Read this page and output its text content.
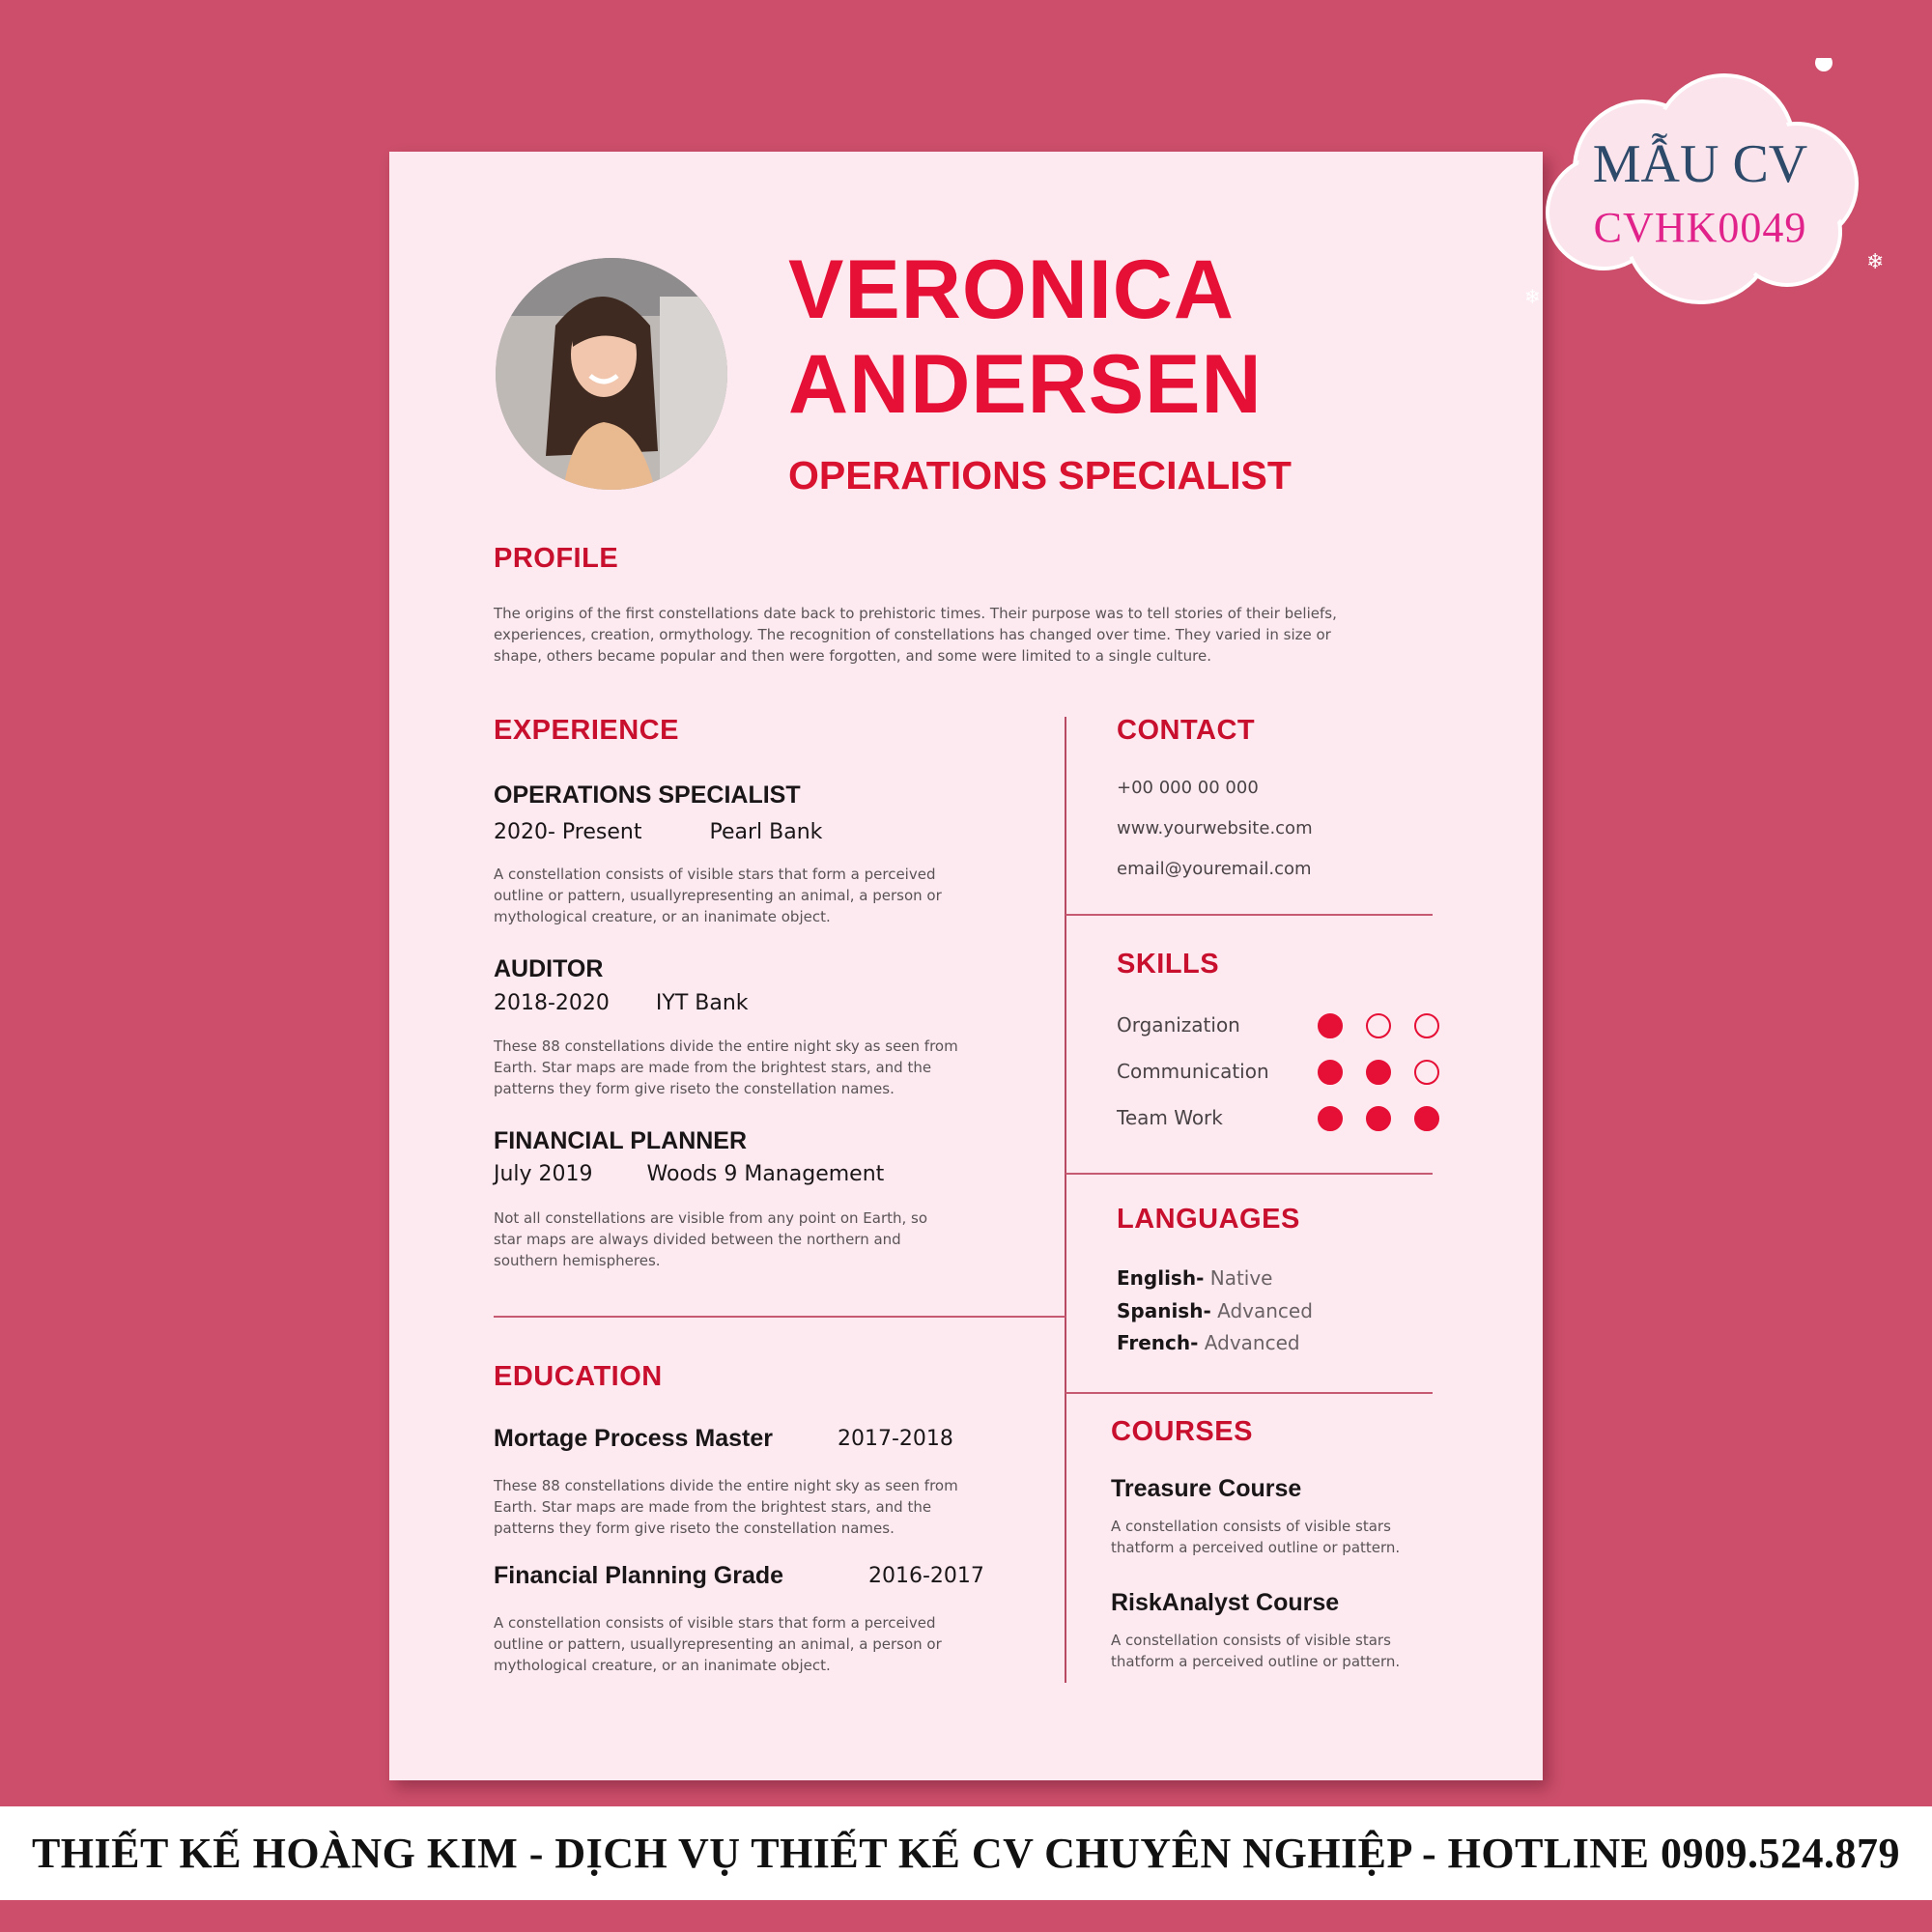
VERONICA
ANDERSEN
OPERATIONS SPECIALIST
PROFILE
The origins of the first constellations date back to prehistoric times. Their purpose was to tell stories of their beliefs,
experiences, creation, ormythology. The recognition of constellations has changed over time. They varied in size or
shape, others became popular and then were forgotten, and some were limited to a single culture.
EXPERIENCE
OPERATIONS SPECIALIST
2020- Present	Pearl Bank
A constellation consists of visible stars that form a perceived
outline or pattern, usuallyrepresenting an animal, a person or
mythological creature, or an inanimate object.
AUDITOR
2018-2020 IYT Bank
These 88 constellations divide the entire night sky as seen from
Earth. Star maps are made from the brightest stars, and the
patterns they form give riseto the constellation names.
FINANCIAL PLANNER
July 2019	Woods 9 Management
Not all constellations are visible from any point on Earth, so
star maps are always divided between the northern and
southern hemispheres.
EDUCATION
Mortage Process Master	2017-2018
These 88 constellations divide the entire night sky as seen from
Earth. Star maps are made from the brightest stars, and the
patterns they form give riseto the constellation names.
Financial Planning Grade	2016-2017
A constellation consists of visible stars that form a perceived
outline or pattern, usuallyrepresenting an animal, a person or
mythological creature, or an inanimate object.
CONTACT
+00 000 00 000
www.yourwebsite.com
email@youremail.com
SKILLS
Organization
Communication
Team Work
LANGUAGES
English- Native
Spanish- Advanced
French- Advanced
COURSES
Treasure Course
A constellation consists of visible stars
thatform a perceived outline or pattern.
RiskAnalyst Course
A constellation consists of visible stars
thatform a perceived outline or pattern.
❄
❄
MẪU CV
CVHK0049
THIẾT KẾ HOÀNG KIM - DỊCH VỤ THIẾT KẾ CV CHUYÊN NGHIỆP - HOTLINE 0909.524.879
